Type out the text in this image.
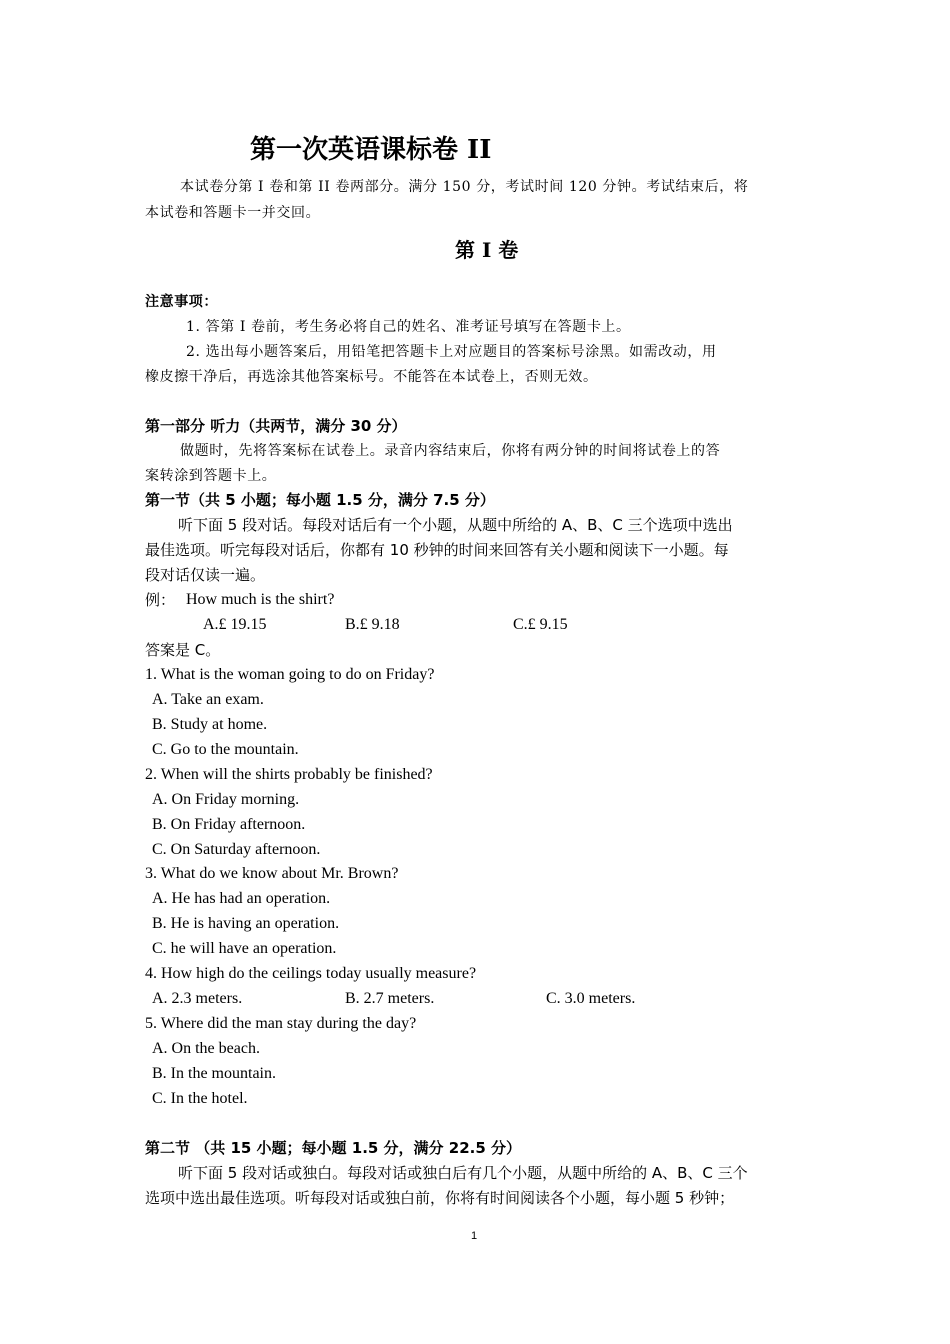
第一次英语课标卷 II
本试卷分第 I 卷和第 II 卷两部分。满分 150 分，考试时间 120 分钟。考试结束后，将
本试卷和答题卡一并交回。
第 I 卷
注意事项：
1. 答第 I 卷前，考生务必将自己的姓名、准考证号填写在答题卡上。
2. 选出每小题答案后，用铅笔把答题卡上对应题目的答案标号涂黑。如需改动，用
橡皮擦干净后，再选涂其他答案标号。不能答在本试卷上，否则无效。
第一部分 听力（共两节，满分 30 分）
做题时，先将答案标在试卷上。录音内容结束后，你将有两分钟的时间将试卷上的答
案转涂到答题卡上。
第一节（共 5 小题；每小题 1.5 分，满分 7.5 分）
听下面 5 段对话。每段对话后有一个小题，从题中所给的 A、B、C 三个选项中选出
最佳选项。听完每段对话后，你都有 10 秒钟的时间来回答有关小题和阅读下一小题。每
段对话仅读一遍。
例： How much is the shirt?
A.£ 19.15	B.£ 9.18	C.£ 9.15
答案是 C。
1. What is the woman going to do on Friday?
A. Take an exam.
B. Study at home.
C. Go to the mountain.
2. When will the shirts probably be finished?
A. On Friday morning.
B. On Friday afternoon.
C. On Saturday afternoon.
3. What do we know about Mr. Brown?
A. He has had an operation.
B. He is having an operation.
C. he will have an operation.
4. How high do the ceilings today usually measure?
A. 2.3 meters.	B. 2.7 meters.	C. 3.0 meters.
5. Where did the man stay during the day?
A. On the beach.
B. In the mountain.
C. In the hotel.
第二节 （共 15 小题；每小题 1.5 分，满分 22.5 分）
听下面 5 段对话或独白。每段对话或独白后有几个小题，从题中所给的 A、B、C 三个
选项中选出最佳选项。听每段对话或独白前，你将有时间阅读各个小题，每小题 5 秒钟；
1
